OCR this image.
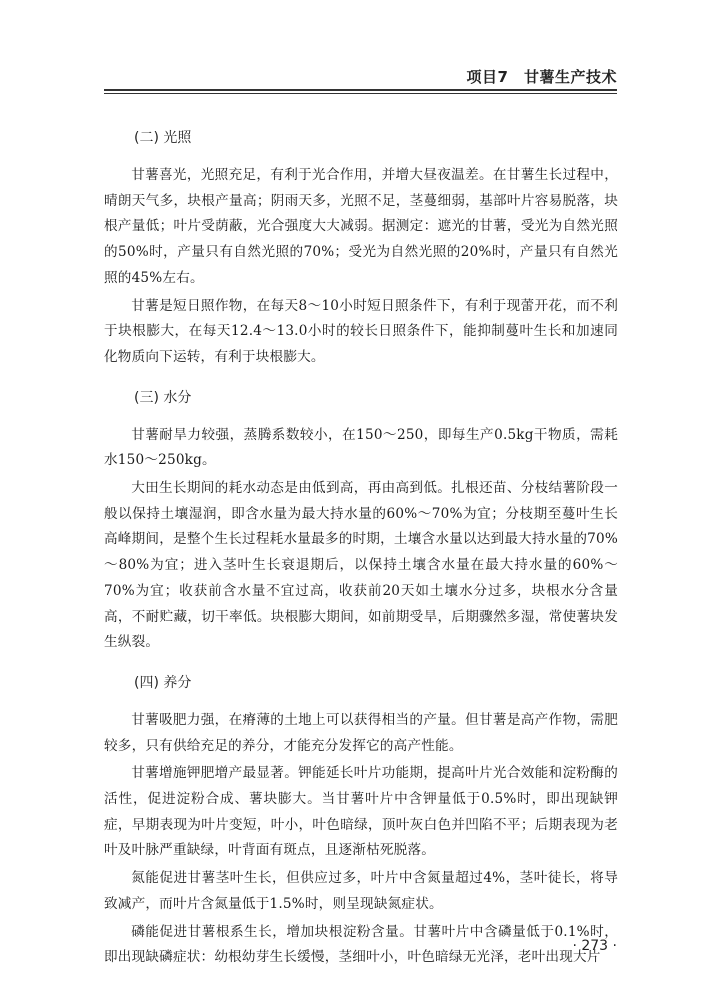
项目7　甘薯生产技术
(二) 光照

甘薯喜光，光照充足，有利于光合作用，并增大昼夜温差。在甘薯生长过程中，晴朗天气多，块根产量高；阴雨天多，光照不足，茎蔓细弱，基部叶片容易脱落，块根产量低；叶片受荫蔽，光合强度大大减弱。据测定：遮光的甘薯，受光为自然光照的50%时，产量只有自然光照的70%；受光为自然光照的20%时，产量只有自然光照的45%左右。

甘薯是短日照作物，在每天8～10小时短日照条件下，有利于现蕾开花，而不利于块根膨大，在每天12.4～13.0小时的较长日照条件下，能抑制蔓叶生长和加速同化物质向下运转，有利于块根膨大。

(三) 水分

甘薯耐旱力较强，蒸腾系数较小，在150～250，即每生产0.5kg干物质，需耗水150～250kg。

大田生长期间的耗水动态是由低到高，再由高到低。扎根还苗、分枝结薯阶段一般以保持土壤湿润，即含水量为最大持水量的60%～70%为宜；分枝期至蔓叶生长高峰期间，是整个生长过程耗水量最多的时期，土壤含水量以达到最大持水量的70%～80%为宜；进入茎叶生长衰退期后，以保持土壤含水量在最大持水量的60%～70%为宜；收获前含水量不宜过高，收获前20天如土壤水分过多，块根水分含量高，不耐贮藏，切干率低。块根膨大期间，如前期受旱，后期骤然多湿，常使薯块发生纵裂。

(四) 养分

甘薯吸肥力强，在瘠薄的土地上可以获得相当的产量。但甘薯是高产作物，需肥较多，只有供给充足的养分，才能充分发挥它的高产性能。

甘薯增施钾肥增产最显著。钾能延长叶片功能期，提高叶片光合效能和淀粉酶的活性，促进淀粉合成、薯块膨大。当甘薯叶片中含钾量低于0.5%时，即出现缺钾症，早期表现为叶片变短，叶小，叶色暗绿，顶叶灰白色并凹陷不平；后期表现为老叶及叶脉严重缺绿，叶背面有斑点，且逐渐枯死脱落。

氮能促进甘薯茎叶生长，但供应过多，叶片中含氮量超过4%，茎叶徒长，将导致减产，而叶片含氮量低于1.5%时，则呈现缺氮症状。

磷能促进甘薯根系生长，增加块根淀粉含量。甘薯叶片中含磷量低于0.1%时，即出现缺磷症状：幼根幼芽生长缓慢，茎细叶小，叶色暗绿无光泽，老叶出现大片

· 273 ·
